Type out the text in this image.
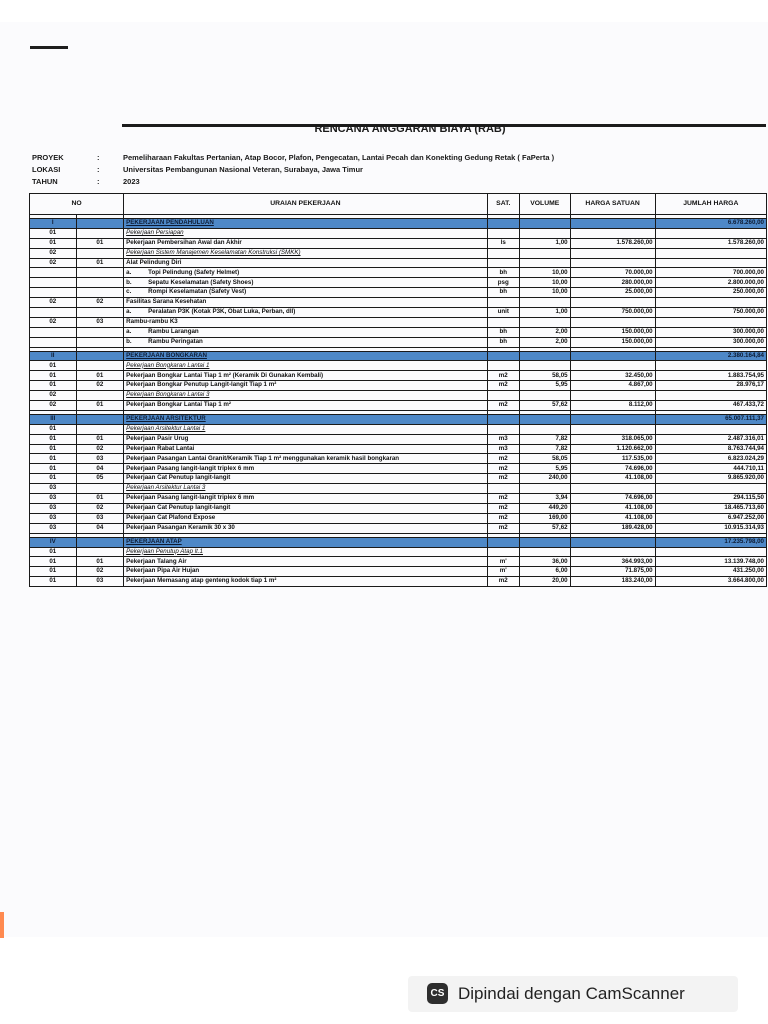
RENCANA ANGGARAN BIAYA (RAB)
PROYEK	:	Pemeliharaan Fakultas Pertanian, Atap Bocor, Plafon, Pengecatan, Lantai Pecah dan Konekting Gedung Retak ( FaPerta )
LOKASI	:	Universitas Pembangunan Nasional Veteran, Surabaya, Jawa Timur
TAHUN	:	2023
NO		URAIAN PEKERJAAN	SAT.	VOLUME	HARGA SATUAN	JUMLAH HARGA

I		PEKERJAAN PENDAHULUAN				6.678.260,00
01		Pekerjaan Persiapan				
01	01	Pekerjaan Pembersihan Awal dan Akhir	ls	1,00	1.578.260,00	1.578.260,00
02		Pekerjaan Sistem Manajemen Keselamatan Konstruksi (SMKK)				
02	01	Alat Pelindung Diri				
		a. Topi Pelindung (Safety Helmet)	bh	10,00	70.000,00	700.000,00
		b. Sepatu Keselamatan (Safety Shoes)	psg	10,00	280.000,00	2.800.000,00
		c. Rompi Keselamatan (Safety Vest)	bh	10,00	25.000,00	250.000,00
02	02	Fasilitas Sarana Kesehatan				
		a. Peralatan P3K (Kotak P3K, Obat Luka, Perban, dll)	unit	1,00	750.000,00	750.000,00
02	03	Rambu-rambu K3				
		a. Rambu Larangan	bh	2,00	150.000,00	300.000,00
		b. Rambu Peringatan	bh	2,00	150.000,00	300.000,00

II		PEKERJAAN BONGKARAN				2.380.164,84
01		Pekerjaan Bongkaran Lantai 1				
01	01	Pekerjaan Bongkar Lantai Tiap 1 m² (Keramik Di Gunakan Kembali)	m2	58,05	32.450,00	1.883.754,95
01	02	Pekerjaan Bongkar Penutup Langit-langit Tiap 1 m²	m2	5,95	4.867,00	28.976,17
02		Pekerjaan Bongkaran Lantai 3				
02	01	Pekerjaan Bongkar Lantai Tiap 1 m²	m2	57,62	8.112,00	467.433,72

III		PEKERJAAN ARSITEKTUR				65.007.111,37
01		Pekerjaan Arsitektur Lantai 1				
01	01	Pekerjaan Pasir Urug	m3	7,82	318.065,00	2.487.316,01
01	02	Pekerjaan Rabat Lantai	m3	7,82	1.120.662,00	8.763.744,94
01	03	Pekerjaan Pasangan Lantai Granit/Keramik Tiap 1 m² menggunakan keramik hasil bongkaran	m2	58,05	117.535,00	6.823.024,29
01	04	Pekerjaan Pasang langit-langit triplex 6 mm	m2	5,95	74.696,00	444.710,11
01	05	Pekerjaan Cat Penutup langit-langit	m2	240,00	41.108,00	9.865.920,00
03		Pekerjaan Arsitektur Lantai 3				
03	01	Pekerjaan Pasang langit-langit triplex 6 mm	m2	3,94	74.696,00	294.115,50
03	02	Pekerjaan Cat Penutup langit-langit	m2	449,20	41.108,00	18.465.713,60
03	03	Pekerjaan Cat Plafond Expose	m2	169,00	41.108,00	6.947.252,00
03	04	Pekerjaan Pasangan Keramik 30 x 30	m2	57,62	189.428,00	10.915.314,93

IV		PEKERJAAN ATAP				17.235.798,00
01		Pekerjaan Penutup Atap lt.1				
01	01	Pekerjaan Talang Air	m'	36,00	364.993,00	13.139.748,00
01	02	Pekerjaan Pipa Air Hujan	m'	6,00	71.875,00	431.250,00
01	03	Pekerjaan Memasang atap genteng kodok tiap 1 m²	m2	20,00	183.240,00	3.664.800,00
CS Dipindai dengan CamScanner
